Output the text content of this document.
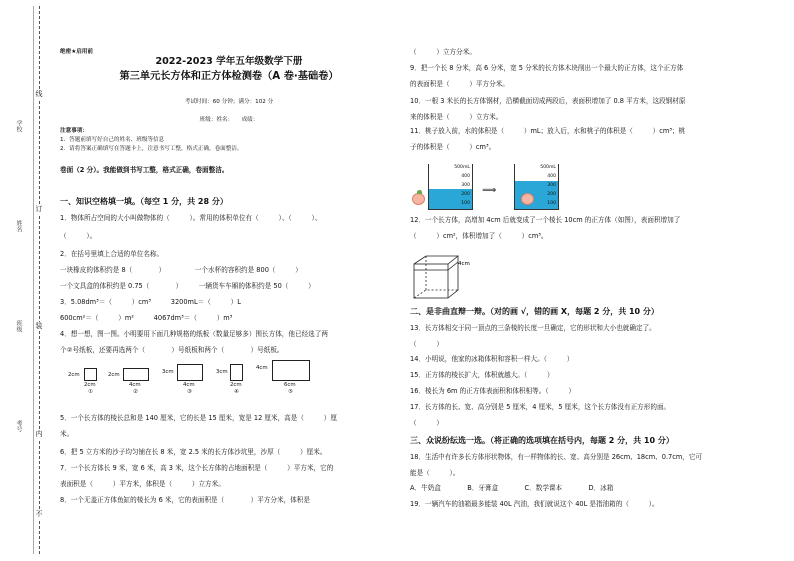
线
订
装
内
不
学校
姓名
班级
考号
绝密★启用前
2022-2023 学年五年级数学下册
第三单元长方体和正方体检测卷（A 卷·基础卷）
考试时间：60 分钟；满分：102 分
班级：姓名：　　成绩：
注意事项：
1．答题前填写好自己的姓名、班级等信息
2．请将答案正确填写在答题卡上，注意书写工整，格式正确，卷面整洁。
卷面（2 分）。我能做到书写工整，格式正确，卷面整洁。
一、知识空格填一填。（每空 1 分，共 28 分）
1．物体所占空间的大小叫做物体的（　　　）。常用的体积单位有（　　　）、（　　　）、
（　　　）。
2．在括号里填上合适的单位名称。
一块橡皮的体积约是 8（　　　　）　　　　　一个水杯的容积约是 800（　　　）
一个文具盒的体积约是 0.75（　　　　）　　　一辆货车车厢的体积约是 50（　　　）
3．5.08dm³＝（　　　）cm³　　　3200mL＝（　　　）L
600cm²＝（　　　）m²　　　4067dm³＝（　　　）m³
4．想一想，图一图。小明要用下面几种规格的纸板（数量足够多）围长方体，他已经选了两
个②号纸板，还要再选两个（　　　　）号纸板和两个（　　　　）号纸板。
5．一个长方体的棱长总和是 140 厘米，它的长是 15 厘米，宽是 12 厘米，高是（　　　）厘
米。
6．把 5 立方米的沙子均匀铺在长 8 米，宽 2.5 米的长方体沙坑里，沙厚（　　　）厘米。
7．一个长方体长 9 米，宽 6 米，高 3 米，这个长方体的占地面积是（　　　）平方米，它的
表面积是（　　　）平方米，体积是（　　　）立方米。
8．一个无盖正方体鱼缸的棱长为 6 米，它的表面积是（　　　　）平方分米，体积是
2cm
2cm
①
2cm
4cm
②
3cm
4cm
③
3cm
2cm
④
4cm
6cm
⑤
（　　　）立方分米。
9．把一个长 8 分米，高 6 分米，宽 5 分米的长方体木块削出一个最大的正方体，这个正方体
的表面积是（　　　）平方分米。
10．一根 3 米长的长方体钢材，沿横截面切成两段后，表面积增加了 0.8 平方米，这段钢材原
来的体积是（　　　）立方米。
11．桃子放入前，水的体积是（　　　）mL；放入后，水和桃子的体积是（　　　）cm³；桃
子的体积是（　　　）cm³。
12．一个长方体，高增加 4cm 后就变成了一个棱长 10cm 的正方体（如图），表面积增加了
（　　　）cm²，体积增加了（　　　）cm³。
二、是非曲直辩一辩。（对的画 √，错的画 X，每题 2 分，共 10 分）
13．长方体相交于同一顶点的三条棱的长度一旦确定，它的形状和大小也就确定了。
（　　　）
14．小明说，他家的冰箱体积和容积一样大。（　　　）
15．正方体的棱长扩大，体积就越大。（　　　）
16．棱长为 6m 的正方体表面积和体积相等。（　　　）
17．长方体的长、宽、高分别是 5 厘米，4 厘米，5 厘米，这个长方体没有正方形的面。
（　　　）
三、众说纷纭选一选。（将正确的选项填在括号内，每题 2 分，共 10 分）
18．生活中有许多长方体形状物体，有一样物体的长、宽、高分别是 26cm、18cm、0.7cm，它可
能是（　　　）。
A．牛奶盒　　　　B．牙膏盒　　　　C．数学课本　　　　D．冰箱
19．一辆汽车的油箱最多能装 40L 汽油，我们就说这个 40L 是指油箱的（　　　）。
500mL
400
300
200
100
⟹
500mL
400
300
200
100
4cm
